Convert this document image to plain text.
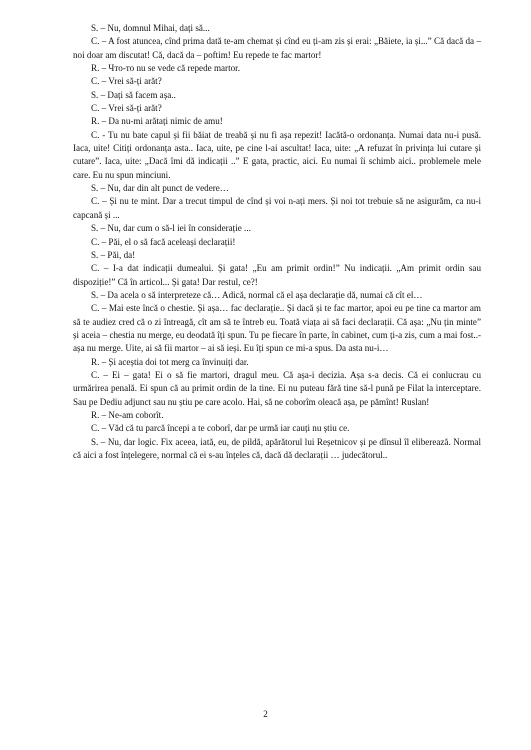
S. – Nu, domnul Mihai, dați să...

C. – A fost atuncea, cînd prima dată te-am chemat și cînd eu ți-am zis și erai: „Băiete, ia și...” Că dacă da – noi doar am discutat! Că, dacă da – poftim! Eu repede te fac martor!

R. – Что-то nu se vede că repede martor.

C. – Vrei să-ți arăt?

S. – Dați să facem așa..

C. – Vrei să-ți arăt?

R. – Da nu-mi arătați nimic de amu!

C. - Tu nu bate capul și fii băiat de treabă și nu fi așa repezit! Iacătă-o ordonanța. Numai data nu-i pusă. Iaca, uite! Citiți ordonanța asta.. Iaca, uite, pe cine l-ai ascultat! Iaca, uite: „A refuzat în privința lui cutare și cutare”. Iaca, uite: „Dacă îmi dă indicații ..” E gata, practic, aici. Eu numai îi schimb aici.. problemele mele care. Eu nu spun minciuni.

S. – Nu, dar din alt punct de vedere…

C. – Și nu te mint. Dar a trecut timpul de cînd și voi n-ați mers. Și noi tot trebuie să ne asigurăm, ca nu-i capcană și ...

S. – Nu, dar cum o să-l iei în considerație ...

C. – Păi, el o să facă aceleași declarații!

S. – Păi, da!

C. – I-a dat indicații dumealui. Și gata! „Eu am primit ordin!” Nu indicații. „Am primit ordin sau dispoziție!” Că în articol... Și gata! Dar restul, ce?!

S. – Da acela o să interpreteze că… Adică, normal că el așa declarație dă, numai că cît el…

C. – Mai este încă o chestie. Și așa… fac declarație.. Și dacă și te fac martor, apoi eu pe tine ca martor am să te audiez cred că o zi întreagă, cît am să te întreb eu. Toată viața ai să faci declarații. Că așa: „Nu țin minte” și aceia – chestia nu merge, eu deodată îți spun. Tu pe fiecare în parte, în cabinet, cum ți-a zis, cum a mai fost..- așa nu merge. Uite, ai să fii martor – ai să ieși. Eu îți spun ce mi-a spus. Da asta nu-i…

R. – Și aceștia doi tot merg ca învinuiți dar.

C. – Ei – gata! Ei o să fie martori, dragul meu. Că așa-i decizia. Așa s-a decis. Că ei conlucrau cu urmărirea penală. Ei spun că au primit ordin de la tine. Ei nu puteau fără tine să-l pună pe Filat la interceptare. Sau pe Dediu adjunct sau nu știu pe care acolo. Hai, să ne coborîm oleacă așa, pe pămînt! Ruslan!

R. – Ne-am coborît.

C. – Văd că tu parcă începi a te coborî, dar pe urmă iar cauți nu știu ce.

S. – Nu, dar logic. Fix aceea, iată, eu, de pildă, apărătorul lui Reșetnicov și pe dînsul îl eliberează. Normal că aici a fost înțelegere, normal că ei s-au înțeles că, dacă dă declarații … judecătorul..

2
